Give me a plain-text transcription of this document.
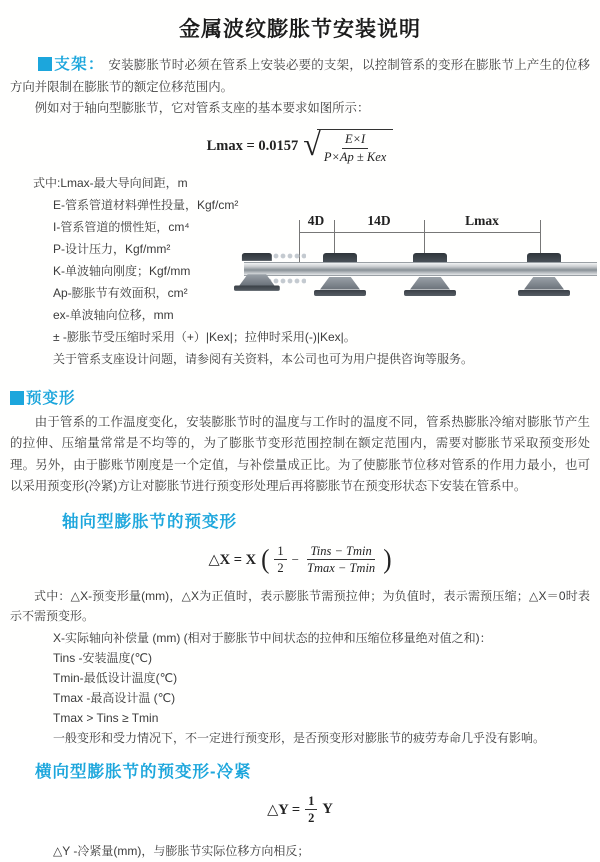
金属波纹膨胀节安装说明

支架： 安装膨胀节时必须在管系上安装必要的支架，以控制管系的变形在膨胀节上产生的位移方向并限制在膨胀节的额定位移范围内。

例如对于轴向型膨胀节，它对管系支座的基本要求如图所示：

Lmax = 0.0157 √ $\frac{E\times I}{\text{P×Ap ± Kex}}$
式中:Lmax-最大导向间距，m
E-管系管道材料弹性投量，Kgf/cm²
I-管系管道的惯性矩，cm⁴
P-设计压力，Kgf/mm²
K-单波轴向刚度；Kgf/mm
Ap-膨胀节有效面积，cm²
ex-单波轴向位移，mm
± -膨胀节受压缩时采用（+）|Kex|；拉伸时采用(-)|Kex|。
关于管系支座设计问题，请参阅有关资料，本公司也可为用户提供咨询等服务。
4D	14D	Lmax
预变形

由于管系的工作温度变化，安装膨胀节时的温度与工作时的温度不同，管系热膨胀冷缩对膨胀节产生的拉伸、压缩量常常是不均等的，为了膨胀节变形范围控制在额定范围内，需要对膨胀节采取预变形处理。另外，由于膨账节刚度是一个定值，与补偿量成正比。为了使膨胀节位移对管系的作用力最小，也可以采用预变形(冷紧)方让对膨胀节进行预变形处理后再将膨胀节在预变形状态下安装在管系中。

轴向型膨胀节的预变形
△X = X ( $\frac{1}{2} - \frac{\text{Tins − Tmin}}{Tmax - Tmin}$ )

式中：△X-预变形量(mm)，△X为正值时，表示膨胀节需预拉伸；为负值时，表示需预压缩；△X＝0时表示不需预变形。

X-实际轴向补偿量 (mm) (相对于膨胀节中间状态的拉伸和压缩位移量绝对值之和)：
Tins -安装温度(℃)
Tmin-最低设计温度(℃)
Tmax -最高设计温 (℃)
Tmax > Tins ≥ Tmin
一般变形和受力情况下，不一定进行预变形，是否预变形对膨胀节的疲劳寿命几乎没有影响。
横向型膨胀节的预变形-冷紧
△Y = $\frac{1}{2}$ Y
△Y -冷紧量(mm)，与膨胀节实际位移方向相反；
